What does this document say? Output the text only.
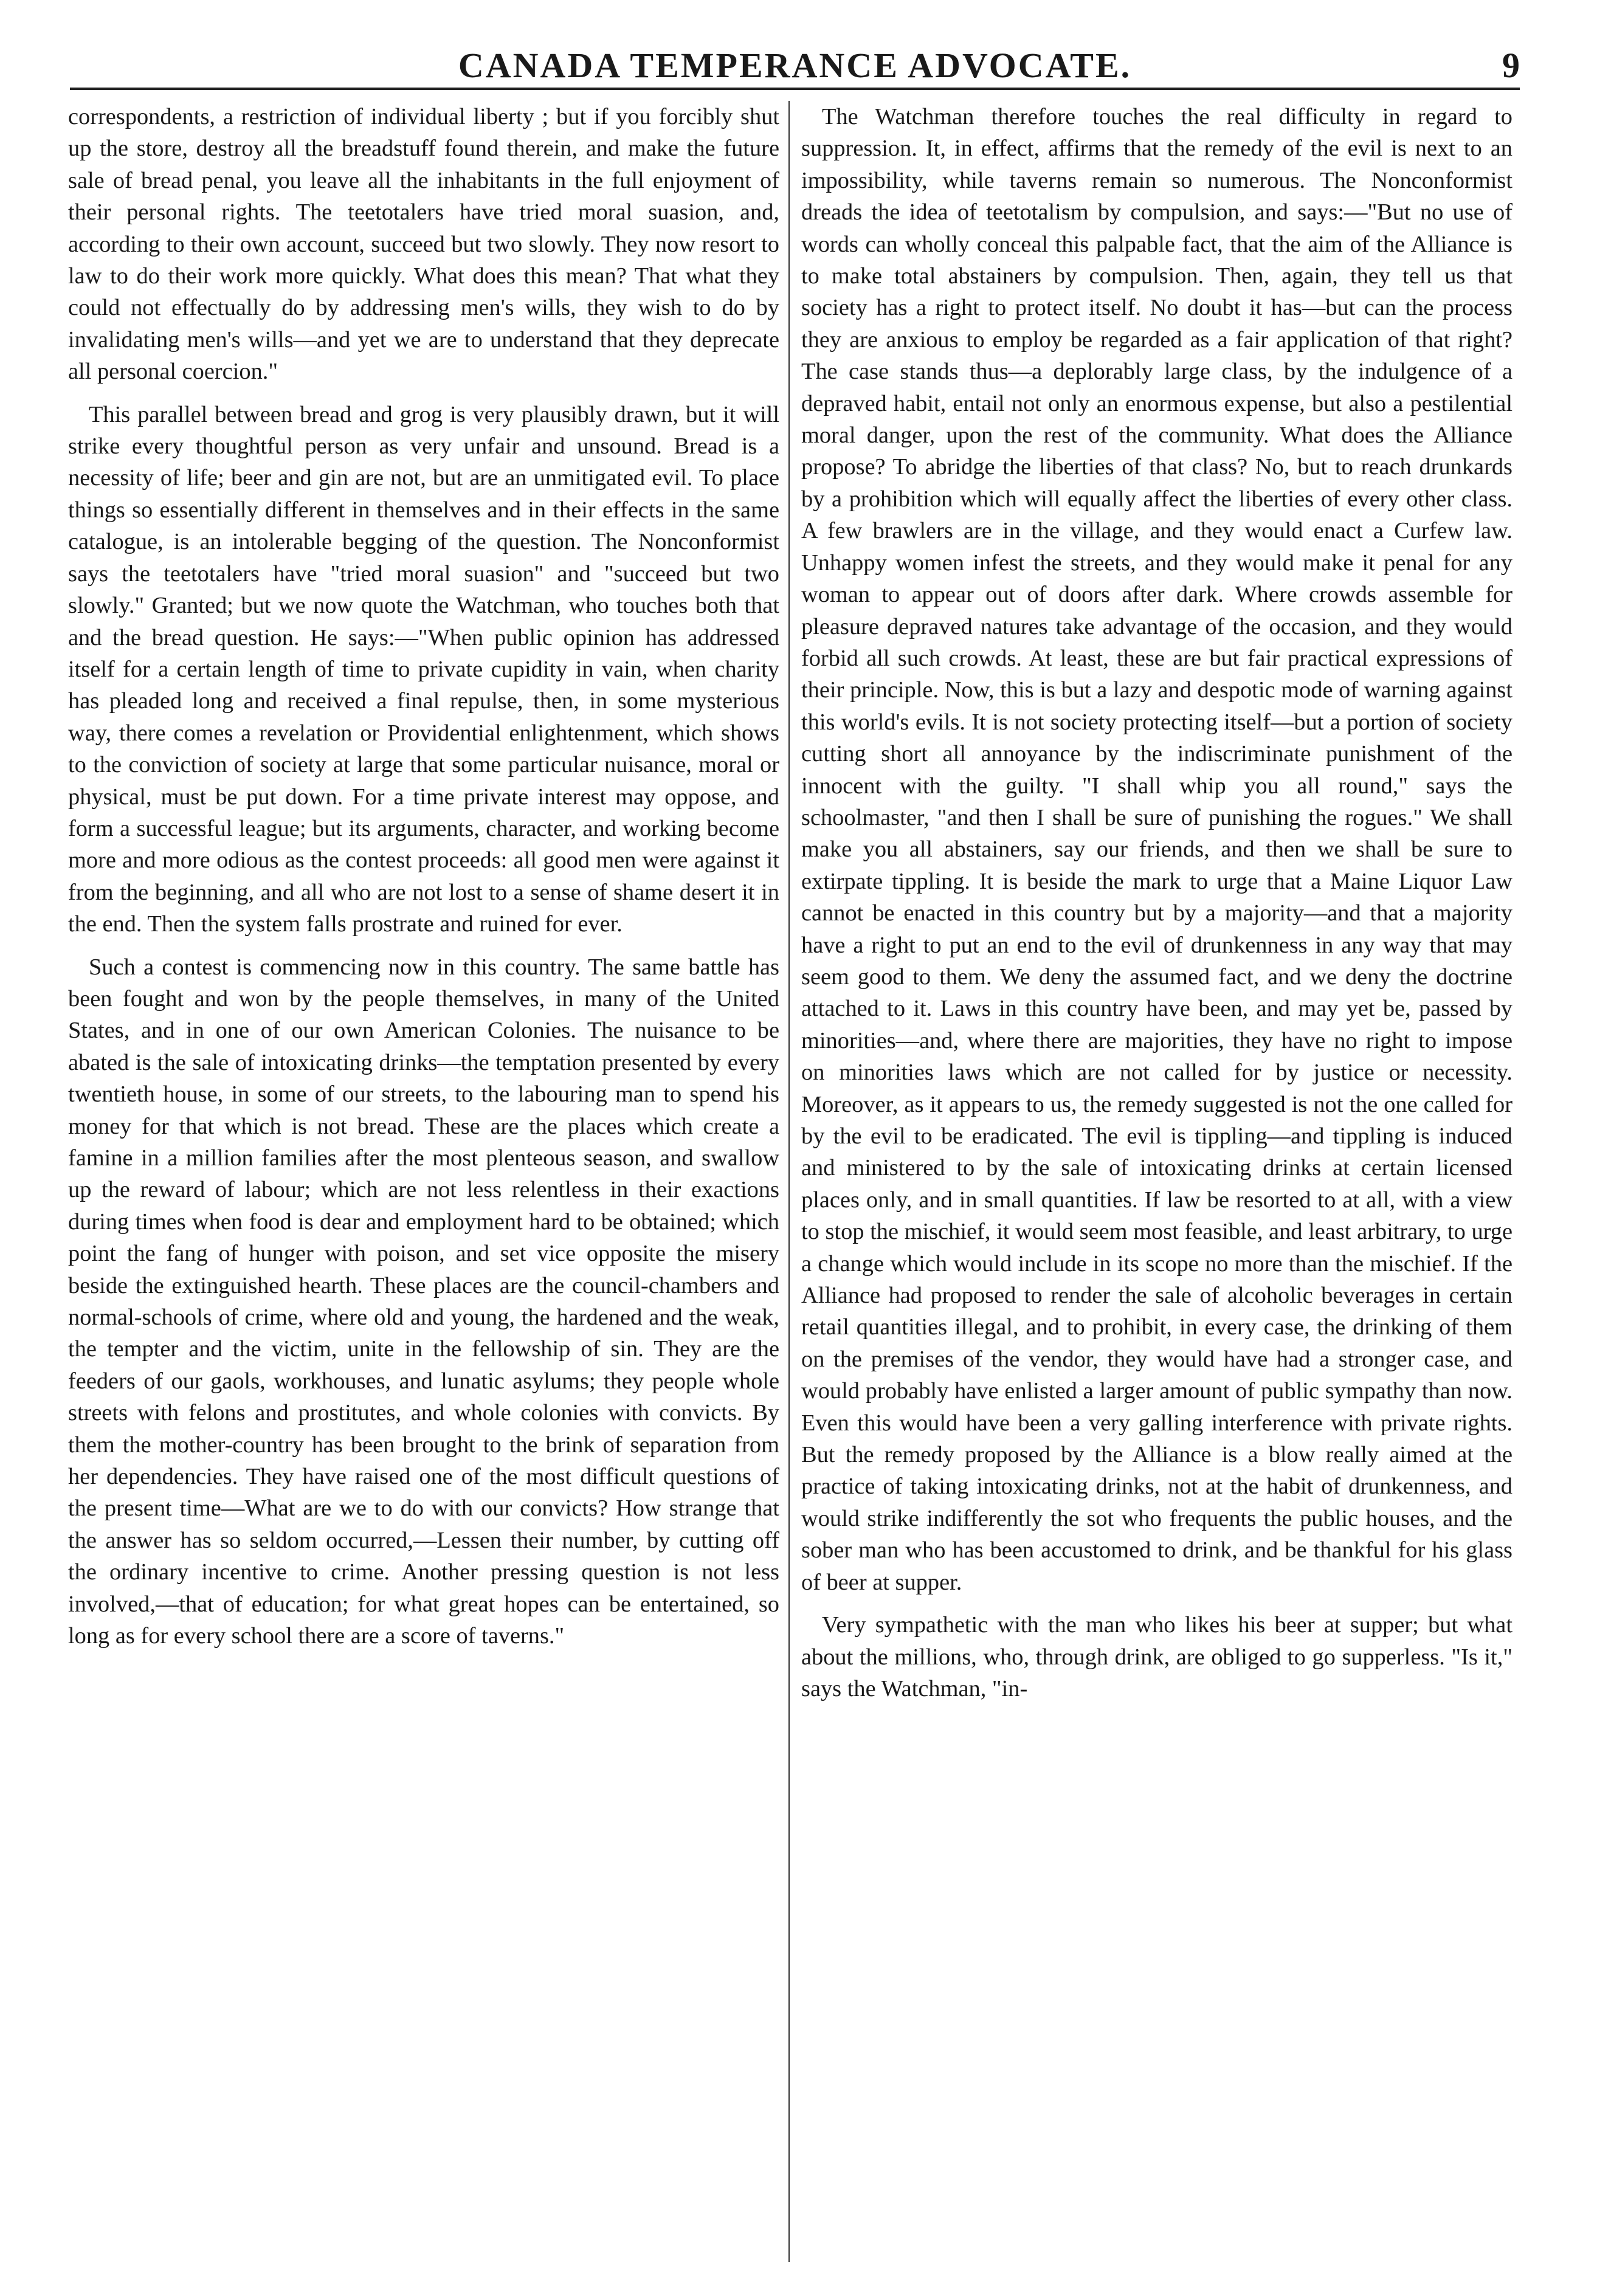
CANADA TEMPERANCE ADVOCATE.	9

correspondents, a restriction of individual liberty ; but if you forcibly shut up the store, destroy all the breadstuff found therein, and make the future sale of bread penal, you leave all the inhabitants in the full enjoyment of their personal rights. The teetotalers have tried moral suasion, and, according to their own account, succeed but two slowly. They now resort to law to do their work more quickly. What does this mean? That what they could not effectually do by addressing men's wills, they wish to do by invalidating men's wills—and yet we are to understand that they deprecate all personal coercion."

This parallel between bread and grog is very plausibly drawn, but it will strike every thoughtful person as very unfair and unsound. Bread is a necessity of life; beer and gin are not, but are an unmitigated evil. To place things so essentially different in themselves and in their effects in the same catalogue, is an intolerable begging of the question. The Nonconformist says the teetotalers have "tried moral suasion" and "succeed but two slowly." Granted; but we now quote the Watchman, who touches both that and the bread question. He says:—"When public opinion has addressed itself for a certain length of time to private cupidity in vain, when charity has pleaded long and received a final repulse, then, in some mysterious way, there comes a revelation or Providential enlightenment, which shows to the conviction of society at large that some particular nuisance, moral or physical, must be put down. For a time private interest may oppose, and form a successful league; but its arguments, character, and working become more and more odious as the contest proceeds: all good men were against it from the beginning, and all who are not lost to a sense of shame desert it in the end. Then the system falls prostrate and ruined for ever.

Such a contest is commencing now in this country. The same battle has been fought and won by the people themselves, in many of the United States, and in one of our own American Colonies. The nuisance to be abated is the sale of intoxicating drinks—the temptation presented by every twentieth house, in some of our streets, to the labouring man to spend his money for that which is not bread. These are the places which create a famine in a million families after the most plenteous season, and swallow up the reward of labour; which are not less relentless in their exactions during times when food is dear and employment hard to be obtained; which point the fang of hunger with poison, and set vice opposite the misery beside the extinguished hearth. These places are the council-chambers and normal-schools of crime, where old and young, the hardened and the weak, the tempter and the victim, unite in the fellowship of sin. They are the feeders of our gaols, workhouses, and lunatic asylums; they people whole streets with felons and prostitutes, and whole colonies with convicts. By them the mother-country has been brought to the brink of separation from her dependencies. They have raised one of the most difficult questions of the present time—What are we to do with our convicts? How strange that the answer has so seldom occurred,—Lessen their number, by cutting off the ordinary incentive to crime. Another pressing question is not less involved,—that of education; for what great hopes can be entertained, so long as for every school there are a score of taverns."

The Watchman therefore touches the real difficulty in regard to suppression. It, in effect, affirms that the remedy of the evil is next to an impossibility, while taverns remain so numerous. The Nonconformist dreads the idea of teetotalism by compulsion, and says:—"But no use of words can wholly conceal this palpable fact, that the aim of the Alliance is to make total abstainers by compulsion. Then, again, they tell us that society has a right to protect itself. No doubt it has—but can the process they are anxious to employ be regarded as a fair application of that right? The case stands thus—a deplorably large class, by the indulgence of a depraved habit, entail not only an enormous expense, but also a pestilential moral danger, upon the rest of the community. What does the Alliance propose? To abridge the liberties of that class? No, but to reach drunkards by a prohibition which will equally affect the liberties of every other class. A few brawlers are in the village, and they would enact a Curfew law. Unhappy women infest the streets, and they would make it penal for any woman to appear out of doors after dark. Where crowds assemble for pleasure depraved natures take advantage of the occasion, and they would forbid all such crowds. At least, these are but fair practical expressions of their principle. Now, this is but a lazy and despotic mode of warning against this world's evils. It is not society protecting itself—but a portion of society cutting short all annoyance by the indiscriminate punishment of the innocent with the guilty. "I shall whip you all round," says the schoolmaster, "and then I shall be sure of punishing the rogues." We shall make you all abstainers, say our friends, and then we shall be sure to extirpate tippling. It is beside the mark to urge that a Maine Liquor Law cannot be enacted in this country but by a majority—and that a majority have a right to put an end to the evil of drunkenness in any way that may seem good to them. We deny the assumed fact, and we deny the doctrine attached to it. Laws in this country have been, and may yet be, passed by minorities—and, where there are majorities, they have no right to impose on minorities laws which are not called for by justice or necessity. Moreover, as it appears to us, the remedy suggested is not the one called for by the evil to be eradicated. The evil is tippling—and tippling is induced and ministered to by the sale of intoxicating drinks at certain licensed places only, and in small quantities. If law be resorted to at all, with a view to stop the mischief, it would seem most feasible, and least arbitrary, to urge a change which would include in its scope no more than the mischief. If the Alliance had proposed to render the sale of alcoholic beverages in certain retail quantities illegal, and to prohibit, in every case, the drinking of them on the premises of the vendor, they would have had a stronger case, and would probably have enlisted a larger amount of public sympathy than now. Even this would have been a very galling interference with private rights. But the remedy proposed by the Alliance is a blow really aimed at the practice of taking intoxicating drinks, not at the habit of drunkenness, and would strike indifferently the sot who frequents the public houses, and the sober man who has been accustomed to drink, and be thankful for his glass of beer at supper.

Very sympathetic with the man who likes his beer at supper; but what about the millions, who, through drink, are obliged to go supperless. "Is it," says the Watchman, "in-
